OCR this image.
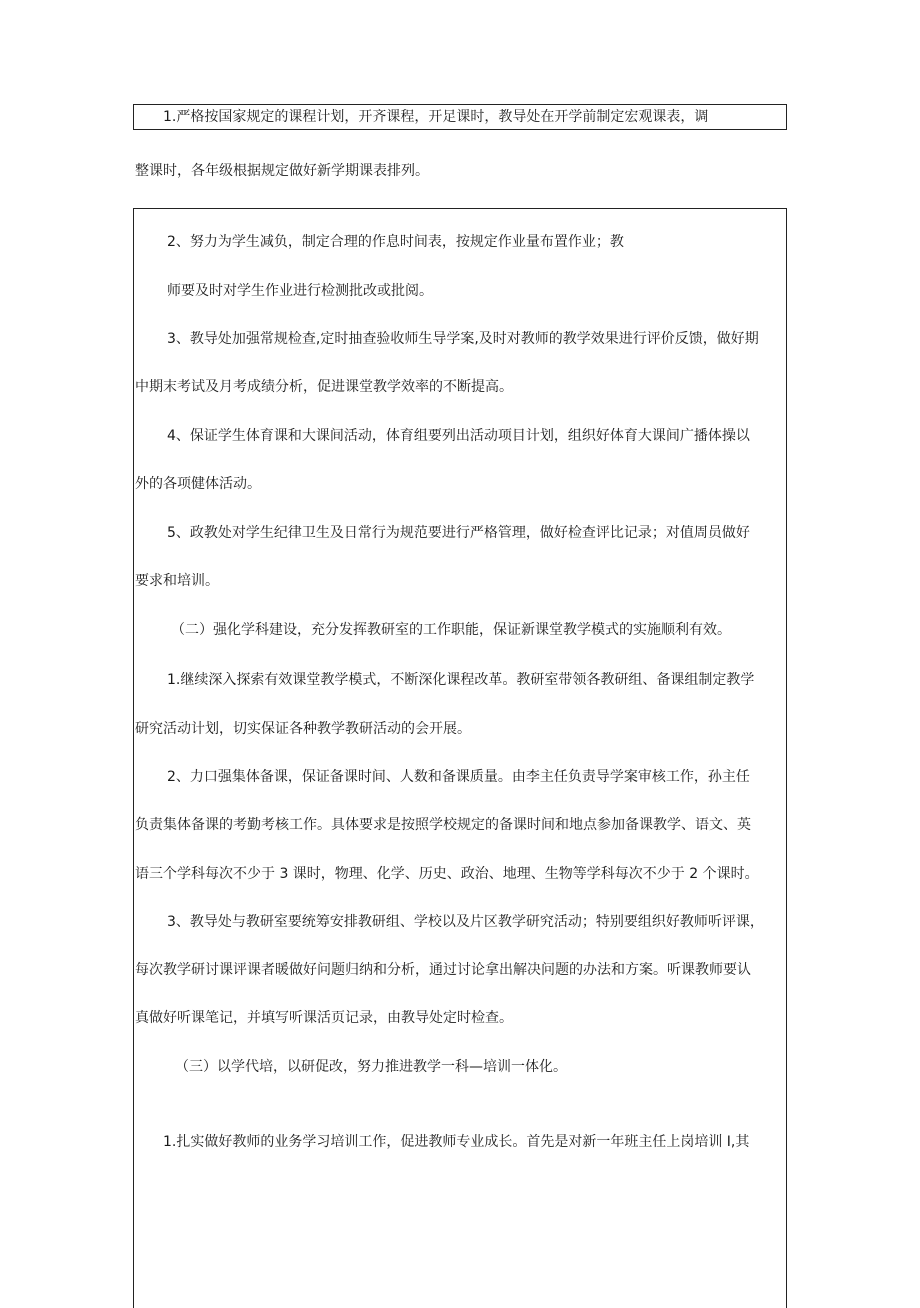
1.严格按国家规定的课程计划，开齐课程，开足课时，教导处在开学前制定宏观课表，调
整课时，各年级根据规定做好新学期课表排列。
2、努力为学生减负，制定合理的作息时间表，按规定作业量布置作业；教
师要及时对学生作业进行检测批改或批阅。
3、教导处加强常规检查,定时抽查验收师生导学案,及时对教师的教学效果进行评价反馈，做好期
中期末考试及月考成绩分析，促进课堂教学效率的不断提高。
4、保证学生体育课和大课间活动，体育组要列出活动项目计划，组织好体育大课间广播体操以
外的各项健体活动。
5、政教处对学生纪律卫生及日常行为规范要进行严格管理，做好检查评比记录；对值周员做好
要求和培训。
（二）强化学科建设，充分发挥教研室的工作职能，保证新课堂教学模式的实施顺利有效。
1.继续深入探索有效课堂教学模式，不断深化课程改革。教研室带领各教研组、备课组制定教学
研究活动计划，切实保证各种教学教研活动的会开展。
2、力口强集体备课，保证备课时间、人数和备课质量。由李主任负责导学案审核工作，孙主任
负责集体备课的考勤考核工作。具体要求是按照学校规定的备课时间和地点参加备课教学、语文、英
语三个学科每次不少于 3 课时，物理、化学、历史、政治、地理、生物等学科每次不少于 2 个课时。
3、教导处与教研室要统筹安排教研组、学校以及片区教学研究活动；特别要组织好教师听评课，
每次教学研讨课评课者暖做好问题归纳和分析，通过讨论拿出解决问题的办法和方案。听课教师要认
真做好听课笔记，并填写听课活页记录，由教导处定时检查。
（三）以学代培，以研促改，努力推进教学一科—培训一体化。
1.扎实做好教师的业务学习培训工作，促进教师专业成长。首先是对新一年班主任上岗培训 I,其
